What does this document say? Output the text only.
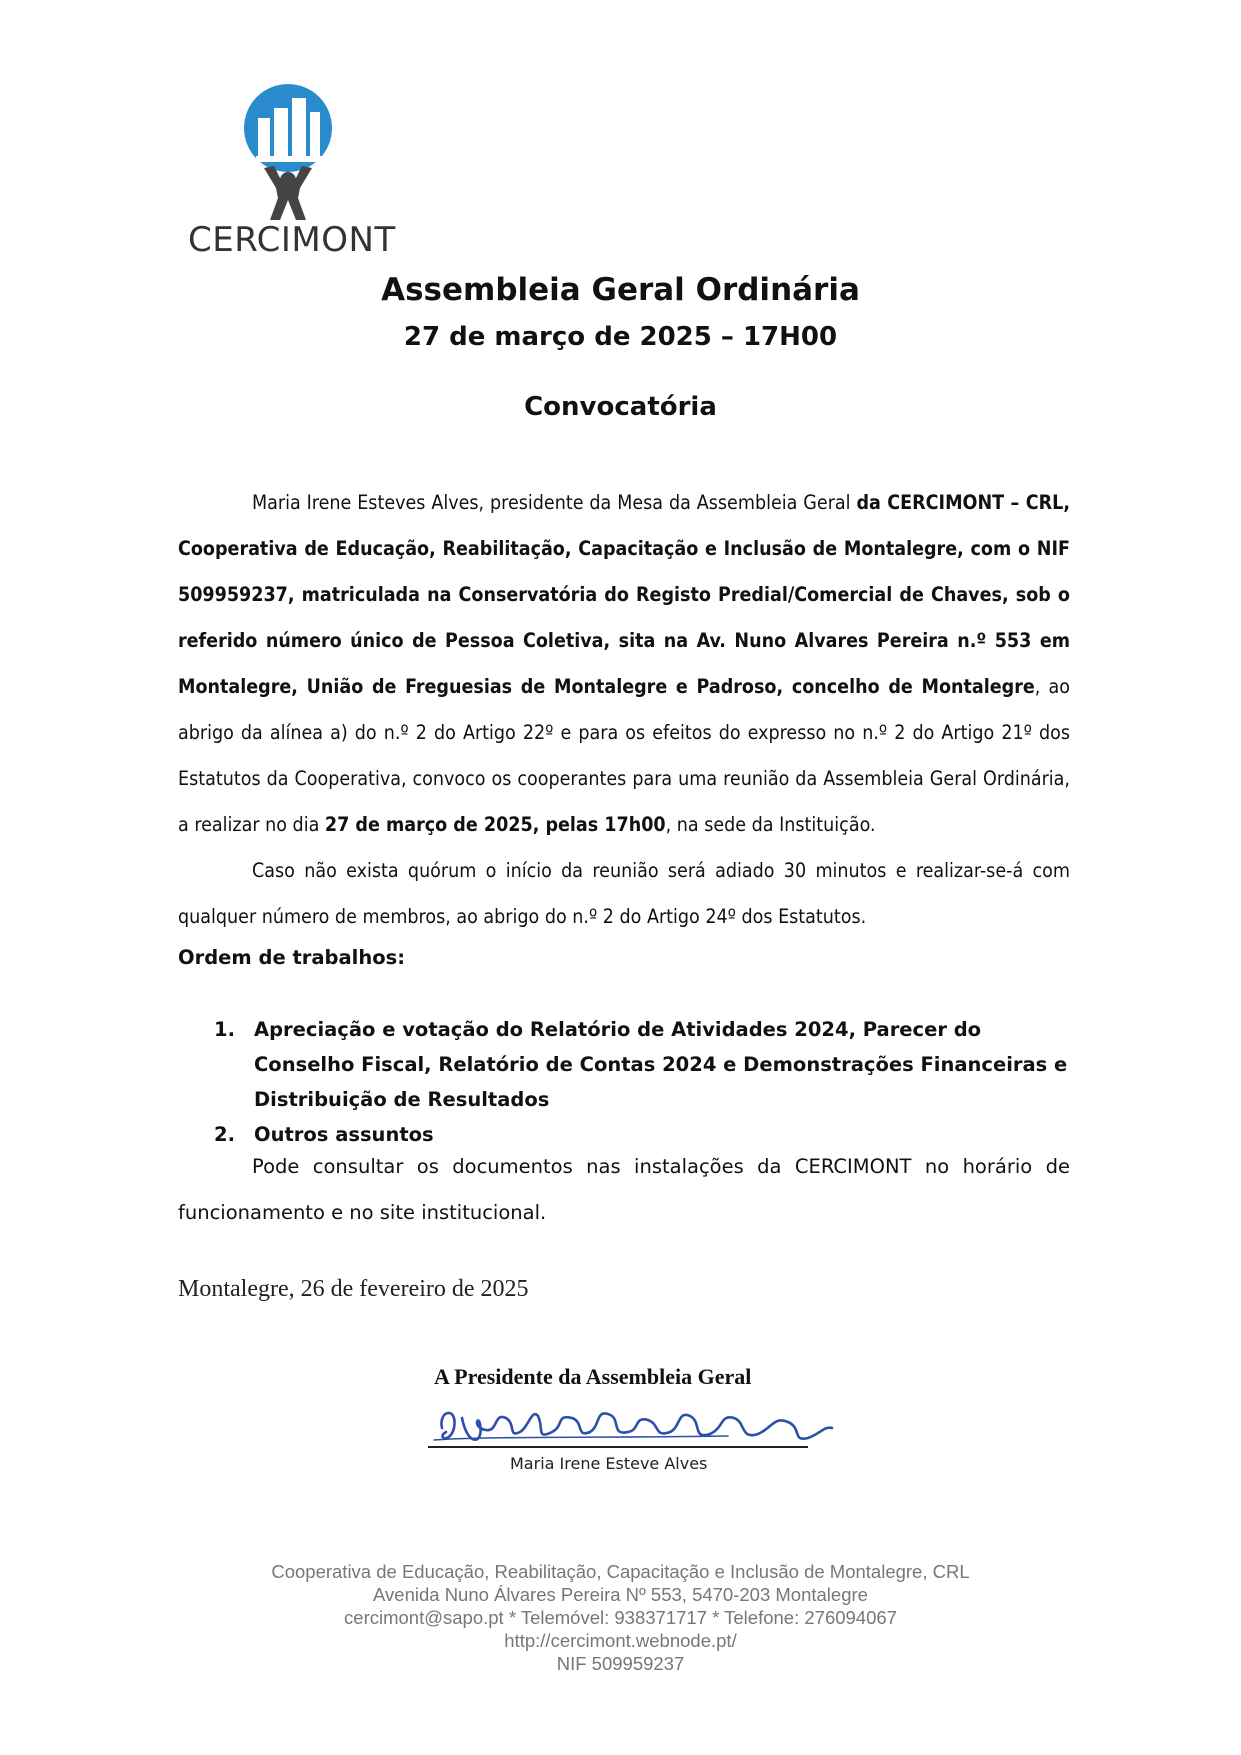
CERCIMONT
Assembleia Geral Ordinária
27 de março de 2025 – 17H00
Convocatória

Maria Irene Esteves Alves, presidente da Mesa da Assembleia Geral da CERCIMONT – CRL, Cooperativa de Educação, Reabilitação, Capacitação e Inclusão de Montalegre, com o NIF 509959237, matriculada na Conservatória do Registo Predial/Comercial de Chaves, sob o referido número único de Pessoa Coletiva, sita na Av. Nuno Alvares Pereira n.º 553 em Montalegre, União de Freguesias de Montalegre e Padroso, concelho de Montalegre, ao abrigo da alínea a) do n.º 2 do Artigo 22º e para os efeitos do expresso no n.º 2 do Artigo 21º dos Estatutos da Cooperativa, convoco os cooperantes para uma reunião da Assembleia Geral Ordinária, a realizar no dia 27 de março de 2025, pelas 17h00, na sede da Instituição.

Caso não exista quórum o início da reunião será adiado 30 minutos e realizar-se-á com qualquer número de membros, ao abrigo do n.º 2 do Artigo 24º dos Estatutos.

Ordem de trabalhos:
1. Apreciação e votação do Relatório de Atividades 2024, Parecer do Conselho Fiscal, Relatório de Contas 2024 e Demonstrações Financeiras e Distribuição de Resultados
2. Outros assuntos

Pode consultar os documentos nas instalações da CERCIMONT no horário de funcionamento e no site institucional.

Montalegre, 26 de fevereiro de 2025
A Presidente da Assembleia Geral
Maria Irene Esteve Alves
Cooperativa de Educação, Reabilitação, Capacitação e Inclusão de Montalegre, CRL
Avenida Nuno Álvares Pereira Nº 553, 5470-203 Montalegre
cercimont@sapo.pt * Telemóvel: 938371717 * Telefone: 276094067
http://cercimont.webnode.pt/
NIF 509959237
